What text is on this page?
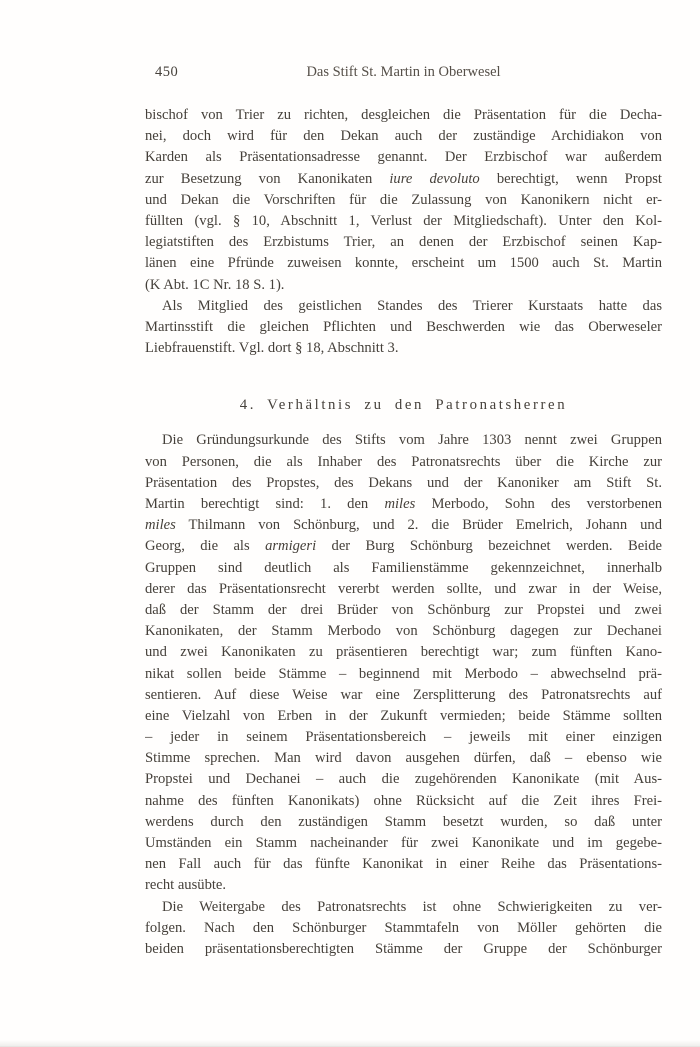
450	Das Stift St. Martin in Oberwesel
bischof von Trier zu richten, desgleichen die Präsentation für die Decha-
nei, doch wird für den Dekan auch der zuständige Archidiakon von
Karden als Präsentationsadresse genannt. Der Erzbischof war außerdem
zur Besetzung von Kanonikaten iure devoluto berechtigt, wenn Propst
und Dekan die Vorschriften für die Zulassung von Kanonikern nicht er-
füllten (vgl. § 10, Abschnitt 1, Verlust der Mitgliedschaft). Unter den Kol-
legiatstiften des Erzbistums Trier, an denen der Erzbischof seinen Kap-
länen eine Pfründe zuweisen konnte, erscheint um 1500 auch St. Martin
(K Abt. 1C Nr. 18 S. 1).
Als Mitglied des geistlichen Standes des Trierer Kurstaats hatte das
Martinsstift die gleichen Pflichten und Beschwerden wie das Oberweseler
Liebfrauenstift. Vgl. dort § 18, Abschnitt 3.
4. Verhältnis zu den Patronatsherren
Die Gründungsurkunde des Stifts vom Jahre 1303 nennt zwei Gruppen
von Personen, die als Inhaber des Patronatsrechts über die Kirche zur
Präsentation des Propstes, des Dekans und der Kanoniker am Stift St.
Martin berechtigt sind: 1. den miles Merbodo, Sohn des verstorbenen
miles Thilmann von Schönburg, und 2. die Brüder Emelrich, Johann und
Georg, die als armigeri der Burg Schönburg bezeichnet werden. Beide
Gruppen sind deutlich als Familienstämme gekennzeichnet, innerhalb
derer das Präsentationsrecht vererbt werden sollte, und zwar in der Weise,
daß der Stamm der drei Brüder von Schönburg zur Propstei und zwei
Kanonikaten, der Stamm Merbodo von Schönburg dagegen zur Dechanei
und zwei Kanonikaten zu präsentieren berechtigt war; zum fünften Kano-
nikat sollen beide Stämme – beginnend mit Merbodo – abwechselnd prä-
sentieren. Auf diese Weise war eine Zersplitterung des Patronatsrechts auf
eine Vielzahl von Erben in der Zukunft vermieden; beide Stämme sollten
– jeder in seinem Präsentationsbereich – jeweils mit einer einzigen
Stimme sprechen. Man wird davon ausgehen dürfen, daß – ebenso wie
Propstei und Dechanei – auch die zugehörenden Kanonikate (mit Aus-
nahme des fünften Kanonikats) ohne Rücksicht auf die Zeit ihres Frei-
werdens durch den zuständigen Stamm besetzt wurden, so daß unter
Umständen ein Stamm nacheinander für zwei Kanonikate und im gegebe-
nen Fall auch für das fünfte Kanonikat in einer Reihe das Präsentations-
recht ausübte.
Die Weitergabe des Patronatsrechts ist ohne Schwierigkeiten zu ver-
folgen. Nach den Schönburger Stammtafeln von Möller gehörten die
beiden präsentationsberechtigten Stämme der Gruppe der Schönburger
